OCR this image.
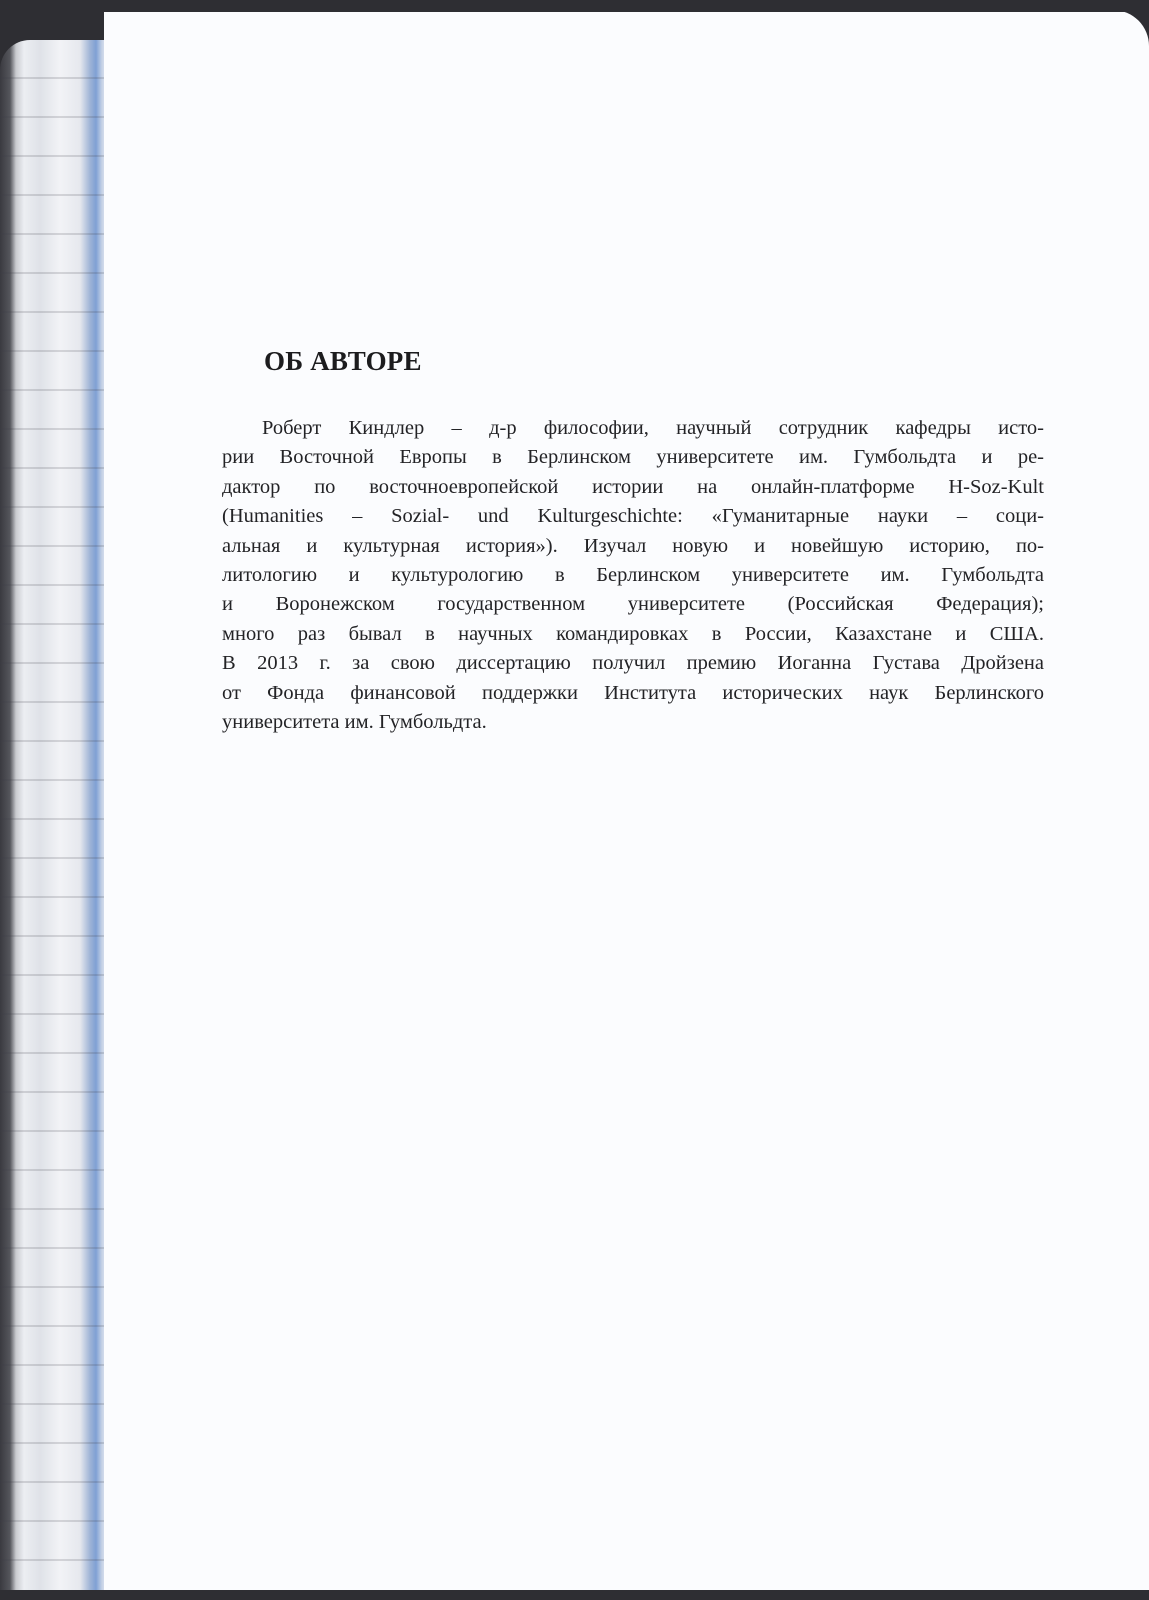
ОБ АВТОРЕ
Роберт Киндлер – д-р философии, научный сотрудник кафедры исто-
рии Восточной Европы в Берлинском университете им. Гумбольдта и ре-
дактор по восточноевропейской истории на онлайн-платформе H-Soz-Kult
(Humanities – Sozial- und Kulturgeschichte: «Гуманитарные науки – соци-
альная и культурная история»). Изучал новую и новейшую историю, по-
литологию и культурологию в Берлинском университете им. Гумбольдта
и Воронежском государственном университете (Российская Федерация);
много раз бывал в научных командировках в России, Казахстане и США.
В 2013 г. за свою диссертацию получил премию Иоганна Густава Дройзена
от Фонда финансовой поддержки Института исторических наук Берлинского
университета им. Гумбольдта.
